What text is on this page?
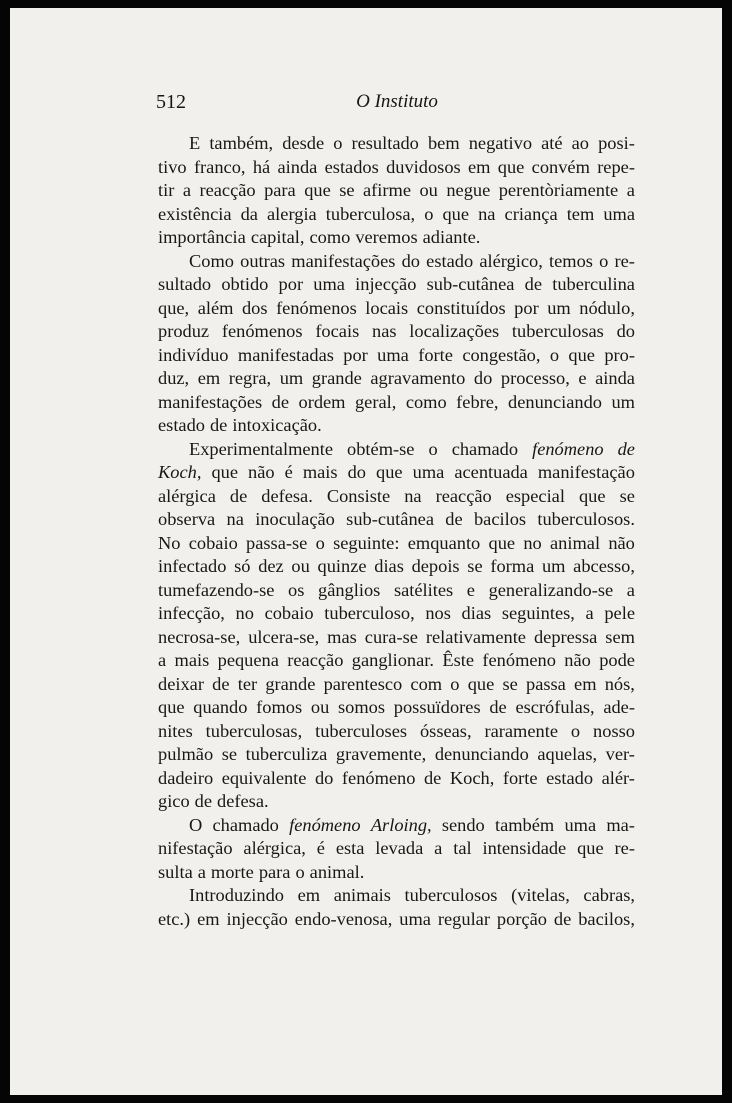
512	O Instituto
E também, desde o resultado bem negativo até ao posi-
tivo franco, há ainda estados duvidosos em que convém repe-
tir a reacção para que se afirme ou negue perentòriamente a
existência da alergia tuberculosa, o que na criança tem uma
importância capital, como veremos adiante.
Como outras manifestações do estado alérgico, temos o re-
sultado obtido por uma injecção sub-cutânea de tuberculina
que, além dos fenómenos locais constituídos por um nódulo,
produz fenómenos focais nas localizações tuberculosas do
indivíduo manifestadas por uma forte congestão, o que pro-
duz, em regra, um grande agravamento do processo, e ainda
manifestações de ordem geral, como febre, denunciando um
estado de intoxicação.
Experimentalmente obtém-se o chamado fenómeno de
Koch, que não é mais do que uma acentuada manifestação
alérgica de defesa. Consiste na reacção especial que se
observa na inoculação sub-cutânea de bacilos tuberculosos.
No cobaio passa-se o seguinte: emquanto que no animal não
infectado só dez ou quinze dias depois se forma um abcesso,
tumefazendo-se os gânglios satélites e generalizando-se a
infecção, no cobaio tuberculoso, nos dias seguintes, a pele
necrosa-se, ulcera-se, mas cura-se relativamente depressa sem
a mais pequena reacção ganglionar. Êste fenómeno não pode
deixar de ter grande parentesco com o que se passa em nós,
que quando fomos ou somos possuïdores de escrófulas, ade-
nites tuberculosas, tuberculoses ósseas, raramente o nosso
pulmão se tuberculiza gravemente, denunciando aquelas, ver-
dadeiro equivalente do fenómeno de Koch, forte estado alér-
gico de defesa.
O chamado fenómeno Arloing, sendo também uma ma-
nifestação alérgica, é esta levada a tal intensidade que re-
sulta a morte para o animal.
Introduzindo em animais tuberculosos (vitelas, cabras,
etc.) em injecção endo-venosa, uma regular porção de bacilos,
